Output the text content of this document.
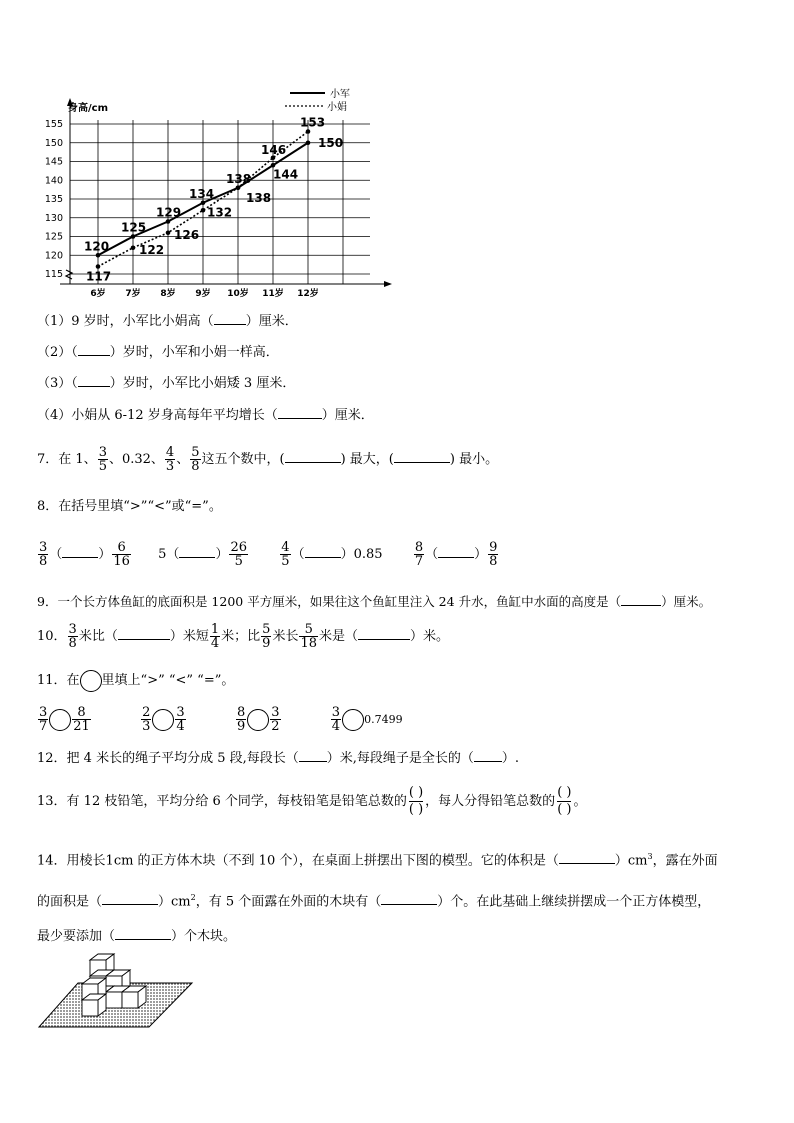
115
120
125
130
135
140
145
150
155
6岁 7岁 8岁 9岁 10岁 11岁 12岁
120
125
129
134
138 144
150
117
122
126
132
138
146
153
小军
小娟
身高/cm
（1）9 岁时，小军比小娟高（ ）厘米．
（2）（ ）岁时，小军和小娟一样高．
（3）（ ）岁时，小军比小娟矮 3 厘米．
（4）小娟从 6-12 岁身高每年平均增长（	）厘米．
7．在 1、 $\frac{3}{5}$ 、0.32、 $\frac{4}{3}$ 、 $\frac{5}{8}$ 这五个数中，(	) 最大，(	) 最小。
8．在括号里填“>”“<”或“=”。
$\frac{3}{8}$ （	） $\frac{6}{16} 5$（	） $\frac{26}{5}$
$\frac{4}{5}$ （	）$0.85 \frac{8}{7}$ （	） $\frac{9}{8}$
9．一个长方体鱼缸的底面积是 1200 平方厘米，如果往这个鱼缸里注入 24 升水，鱼缸中水面的高度是（	）厘米。
10． $\frac{3}{8}$ 米比（	）米短 $\frac{1}{4}$ 米；比 $\frac{5}{9}$ 米长 $\frac{5}{18}$ 米是（	）米。
11．在 里填上“>” “<” “=”。
$\frac{3}{7} \frac{8}{21}$
	$\frac{2}{3} \frac{3}{4}$
	$\frac{8}{9} \frac{3}{2}$
	$\frac{3}{4} 0.7499$
12．把 4 米长的绳子平均分成 5 段,每段长（ ）米,每段绳子是全长的（ ）.
13．有 12 枝铅笔，平均分给 6 个同学，每枝铅笔是铅笔总数的 $\frac{( )}{( )}$ ，每人分得铅笔总数的 $\frac{( )}{( )}$ 。
14．用棱长1cm 的正方体木块（不到 10 个），在桌面上拼摆出下图的模型。它的体积是（	）$cm^3$，露在外面
的面积是（	）$cm^2$，有 5 个面露在外面的木块有（	）个。在此基础上继续拼摆成一个正方体模型，
最少要添加（	）个木块。
